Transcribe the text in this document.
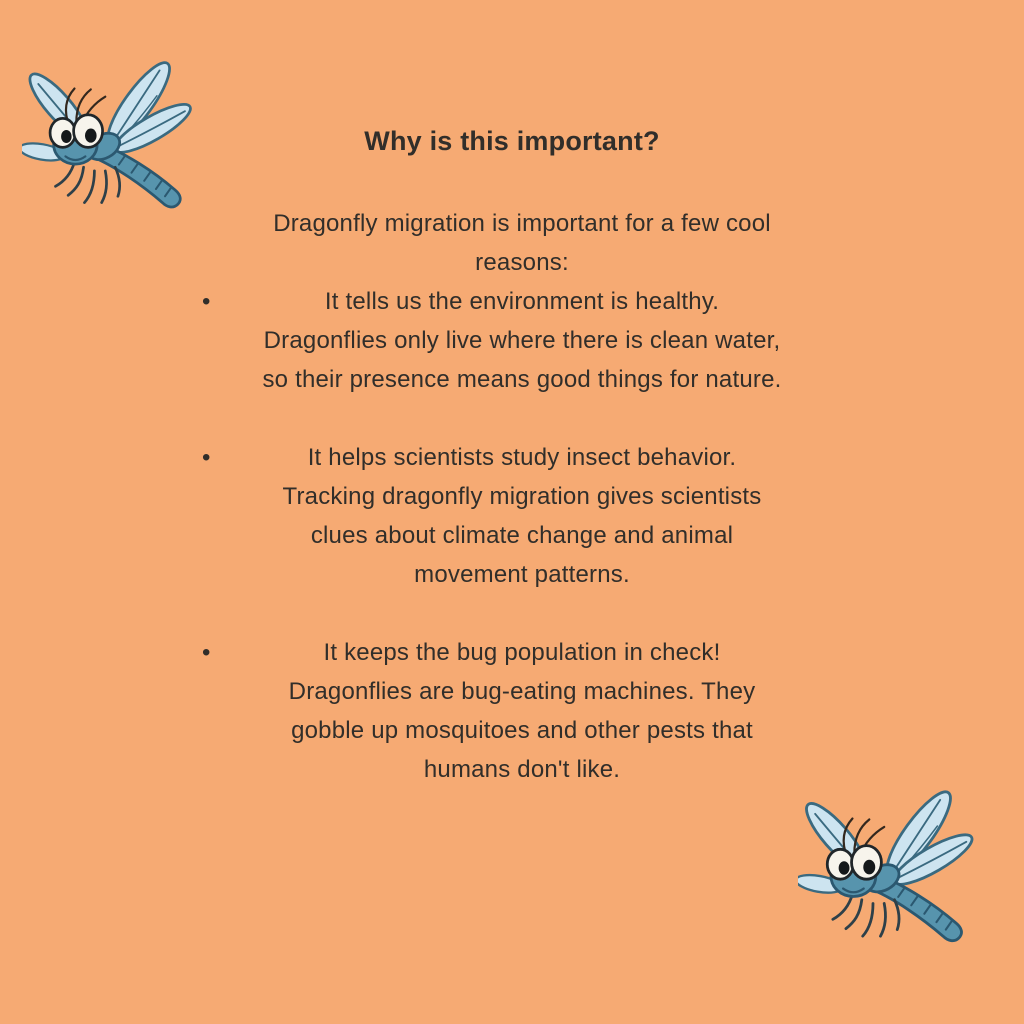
Why is this important?
Dragonfly migration is important for a few cool
reasons:
•	It tells us the environment is healthy.
Dragonflies only live where there is clean water,
so their presence means good things for nature.
•	It helps scientists study insect behavior.
Tracking dragonfly migration gives scientists
clues about climate change and animal
movement patterns.
•	It keeps the bug population in check!
Dragonflies are bug-eating machines. They
gobble up mosquitoes and other pests that
humans don't like.
